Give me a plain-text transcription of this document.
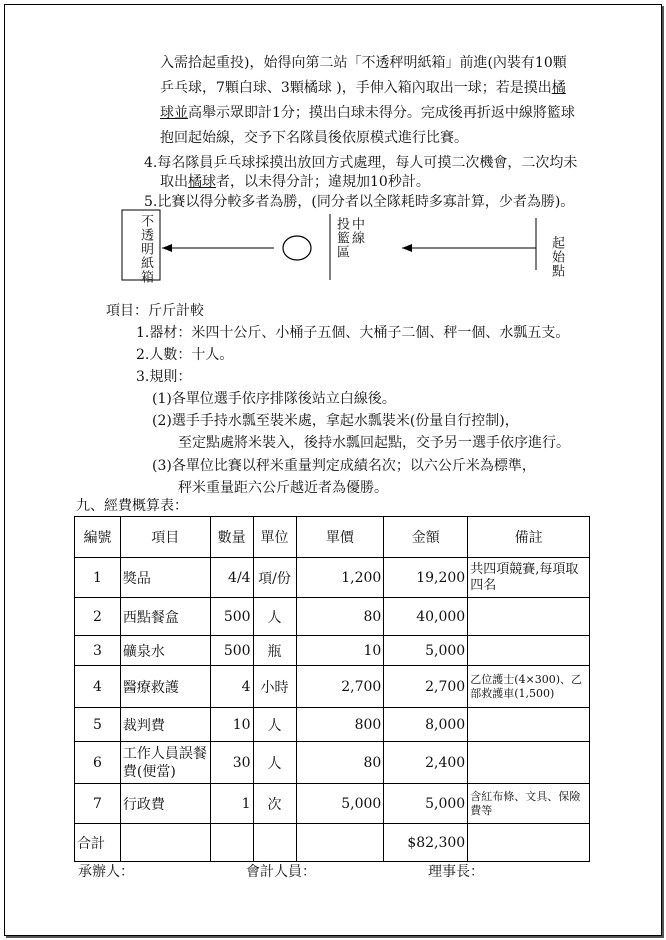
入需拾起重投)，始得向第二站「不透秤明紙箱」前進(內裝有10顆
乒乓球，7顆白球、3顆橘球 )，手伸入箱內取出一球；若是摸出橘
球並高舉示眾即計1分；摸出白球未得分。完成後再折返中線將籃球
抱回起始線，交予下名隊員後依原模式進行比賽。
4.每名隊員乒乓球採摸出放回方式處理，每人可摸二次機會，二次均未
取出橘球者，以未得分計；違規加10秒計。
5.比賽以得分較多者為勝，(同分者以全隊耗時多寡計算，少者為勝)。
不透明紙箱	投籃區 中線
起始點
項目：斤斤計較
1.器材：米四十公斤、小桶子五個、大桶子二個、秤一個、水瓢五支。
2.人數：十人。
3.規則：
(1)各單位選手依序排隊後站立白線後。
(2)選手手持水瓢至裝米處，拿起水瓢裝米(份量自行控制)，
至定點處將米裝入，後持水瓢回起點，交予另一選手依序進行。
(3)各單位比賽以秤米重量判定成績名次；以六公斤米為標準，
秤米重量距六公斤越近者為優勝。
九、經費概算表：
編號	項目	數量	單位	單價	金額	備註
1	獎品	4/4	項/份	1,200	19,200	共四項競賽,每項取四名
2	西點餐盒	500	人	80	40,000	
3	礦泉水	500	瓶	10	5,000	
4	醫療救護	4	小時	2,700	2,700	乙位護士(4×300)、乙部救護車(1,500)
5	裁判費	10	人	800	8,000	
6	工作人員誤餐費(便當)	30	人	80	2,400	
7	行政費	1	次	5,000	5,000	含紅布條、文具、保險費等
合計					$82,300	
承辦人：	會計人員：	理事長：
